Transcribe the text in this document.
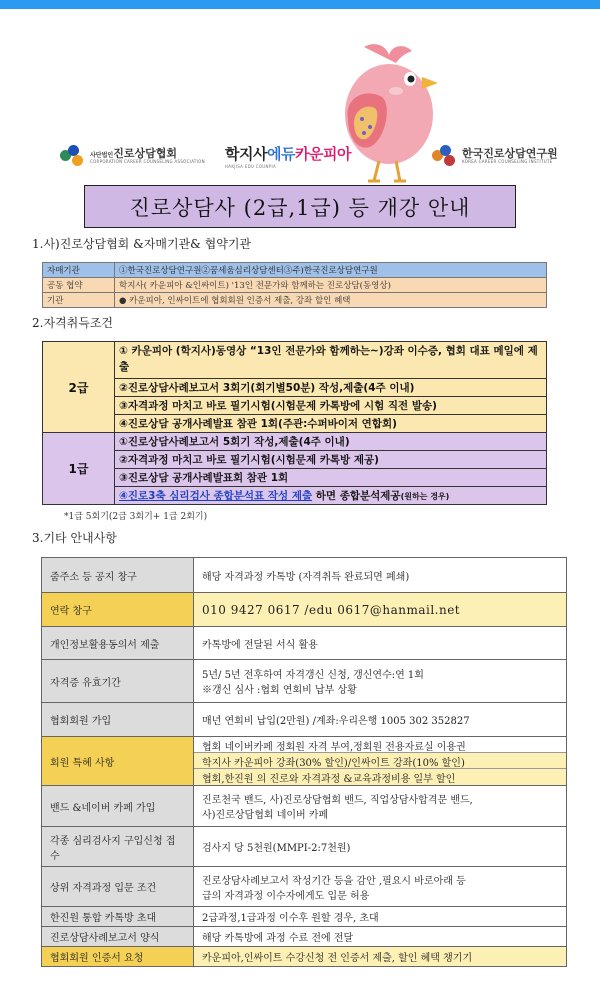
사단법인진로상담협회
CORPORATION CAREER COUNSELING ASSOCIATION 학지사에듀카운피아
HAKJISA EDU COUNPIA
한국진로상담연구원
KOREA CAREER COUNSELING INSTITUTE
진로상담사 (2급,1급) 등 개강 안내
1.사)진로상담협회 &자매기관& 협약기관
자매기관	①한국진로상담연구원②꿈세움심리상담센터③주)한국진로상담연구원
공동 협약	학지사( 카운피아 &인싸이트) '13인 전문가와 함께하는 진로상담(동영상)
기관	● 카운피아, 인싸이트에 협회회원 인증서 제출, 강좌 할인 혜택
2.자격취득조건
2급	① 카운피아 (학지사)동영상 “13인 전문가와 함께하는~)강좌 이수증, 협회 대표 메일에 제출
	②진로상담사례보고서 3회기(회기별50분) 작성,제출(4주 이내)
	③자격과정 마치고 바로 필기시험(시험문제 카톡방에 시험 직전 발송)
	④진로상담 공개사례발표 참관 1회(주관:수퍼바이저 연합회)
1급	①진로상담사례보고서 5회기 작성,제출(4주 이내)
	②자격과정 마치고 바로 필기시험(시험문제 카톡방 제공)
	③진로상담 공개사례발표회 참관 1회
	④진로3축 심리검사 종합분석표 작성 제출 하면 종합분석제공(원하는 경우)
*1급 5회기(2급 3회기+ 1급 2회기)
3.기타 안내사항
줌주소 등 공지 창구	해당 자격과정 카톡방 (자격취득 완료되면 폐쇄)
연락 창구	010 9427 0617 /edu 0617@hanmail.net
개인정보활용동의서 제출	카톡방에 전달된 서식 활용
자격증 유효기간	5년/ 5년 전후하여 자격갱신 신청, 갱신연수:연 1회
※갱신 심사 :협회 연회비 납부 상황

협회회원 가입	매년 연회비 납입(2만원) /계좌:우리은행 1005 302 352827
회원 특혜 사항	협회 네이버카페 정회원 자격 부여,정회원 전용자료실 이용권
학지사 카운피아 강좌(30% 할인)/인싸이트 강좌(10% 할인)
협회,한진원 의 진로와 자격과정 &교육과정비용 일부 할인

밴드 &네이버 카페 가입	진로천국 밴드, 사)진로상담협회 밴드, 직업상담사합격문 밴드,
사)진로상담협회 네이버 카페

각종 심리검사지 구입신청 접수	검사지 당 5천원(MMPI-2:7천원)
상위 자격과정 입문 조건	진로상담사례보고서 작성기간 등을 감안 ,필요시 바로아래 등
급의 자격과정 이수자에게도 입문 허용

한진원 통합 카톡방 초대	2급과정,1급과정 이수후 원할 경우, 초대
진로상담사례보고서 양식	해당 카톡방에 과정 수료 전에 전달
협회회원 인증서 요청	카운피아,인싸이트 수강신청 전 인증서 제출, 할인 혜택 챙기기
